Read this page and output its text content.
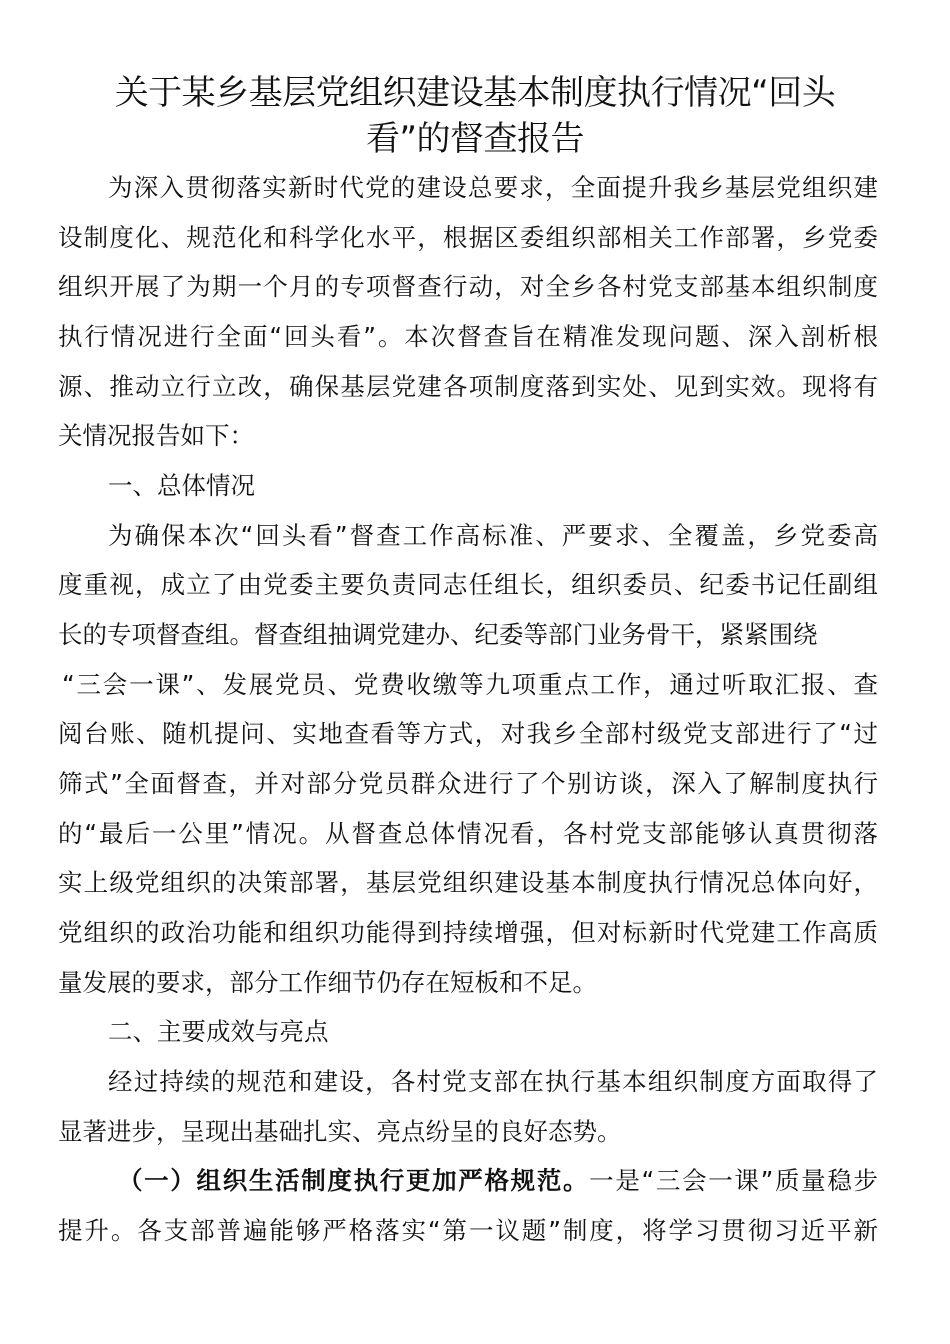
关于某乡基层党组织建设基本制度执行情况“回头
看”的督查报告
为深入贯彻落实新时代党的建设总要求，全面提升我乡基层党组织建
设制度化、规范化和科学化水平，根据区委组织部相关工作部署，乡党委
组织开展了为期一个月的专项督查行动，对全乡各村党支部基本组织制度
执行情况进行全面“回头看”。本次督查旨在精准发现问题、深入剖析根
源、推动立行立改，确保基层党建各项制度落到实处、见到实效。现将有
关情况报告如下：
一、总体情况
为确保本次“回头看”督查工作高标准、严要求、全覆盖，乡党委高
度重视，成立了由党委主要负责同志任组长，组织委员、纪委书记任副组
长的专项督查组。督查组抽调党建办、纪委等部门业务骨干，紧紧围绕
“三会一课”、发展党员、党费收缴等九项重点工作，通过听取汇报、查
阅台账、随机提问、实地查看等方式，对我乡全部村级党支部进行了“过
筛式”全面督查，并对部分党员群众进行了个别访谈，深入了解制度执行
的“最后一公里”情况。从督查总体情况看，各村党支部能够认真贯彻落
实上级党组织的决策部署，基层党组织建设基本制度执行情况总体向好，
党组织的政治功能和组织功能得到持续增强，但对标新时代党建工作高质
量发展的要求，部分工作细节仍存在短板和不足。
二、主要成效与亮点
经过持续的规范和建设，各村党支部在执行基本组织制度方面取得了
显著进步，呈现出基础扎实、亮点纷呈的良好态势。
（一）组织生活制度执行更加严格规范。一是“三会一课”质量稳步
提升。各支部普遍能够严格落实“第一议题”制度，将学习贯彻习近平新
